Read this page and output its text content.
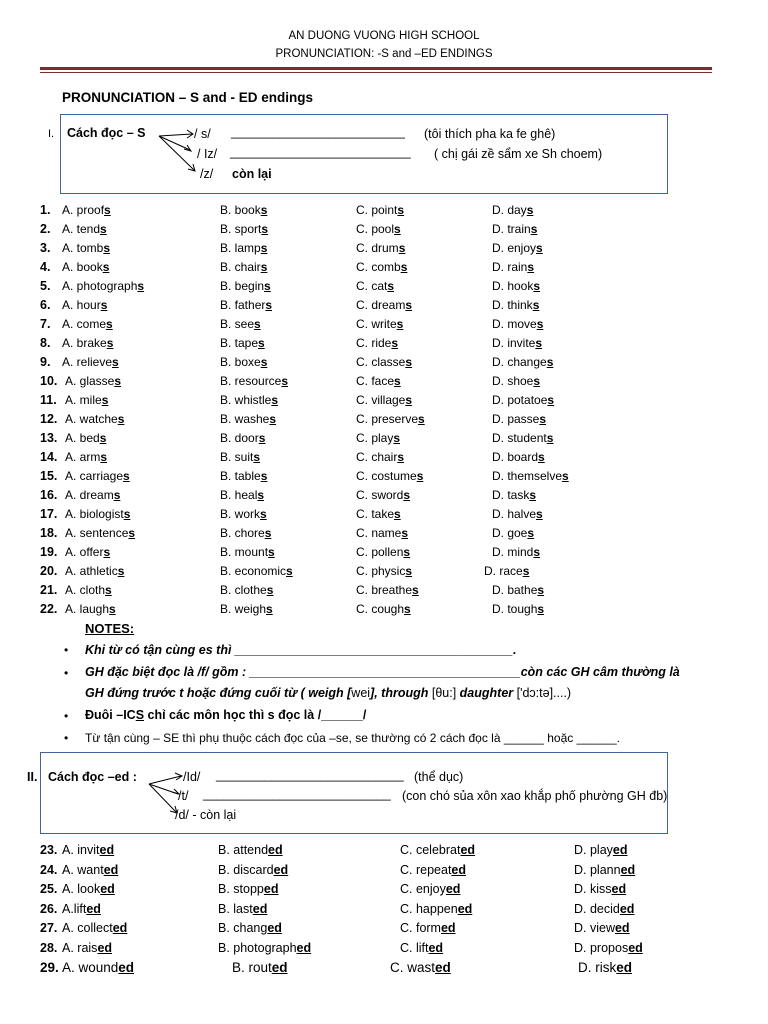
AN DUONG VUONG HIGH SCHOOL
PRONUNCIATION: -S and –ED ENDINGS
PRONUNCIATION – S and - ED endings
I. Cách đọc – S	/ s/ _________________________ (tôi thích pha ka fe ghê)
/ Iz/ __________________________ ( chị gái zề sẩm xe Sh choem)
/z/ còn lại
1. A. proofs	B. books	C. points	D. days
2. A. tends	B. sports	C. pools	D. trains
3. A. tombs	B. lamps	C. drums	D. enjoys
4. A. books	B. chairs	C. combs	D. rains
5. A. photographs	B. begins	C. cats	D. hooks
6. A. hours	B. fathers	C. dreams	D. thinks
7. A. comes	B. sees	C. writes	D. moves
8. A. brakes	B. tapes	C. rides	D. invites
9. A. relieves	B. boxes	C. classes	D. changes
10. A. glasses	B. resources	C. faces	D. shoes
11. A. miles	B. whistles	C. villages	D. potatoes
12. A. watches	B. washes	C. preserves	D. passes
13. A. beds	B. doors	C. plays	D. students
14. A. arms	B. suits	C. chairs	D. boards
15. A. carriages	B. tables	C. costumes	D. themselves
16. A. dreams	B. heals	C. swords	D. tasks
17. A. biologists	B. works	C. takes	D. halves
18. A. sentences	B. chores	C. names	D. goes
19. A. offers	B. mounts	C. pollens	D. minds
20. A. athletics	B. economics	C. physics	D. races
21. A. cloths	B. clothes	C. breathes	D. bathes
22. A. laughs	B. weighs	C. coughs	D. toughs
NOTES:
• Khi từ có tận cùng es thì ________________________________________.
• GH đặc biệt đọc là /f/ gồm : _______________________________________còn các GH câm thường là
GH đứng trước t hoặc đứng cuối từ ( weigh [wei], through [θu:] daughter ['dɔ:tə]....)
• Đuôi –ICS chỉ các môn học thì s đọc là /______/
• Từ tận cùng – SE thì phụ thuộc cách đọc của –se, se thường có 2 cách đọc là ______ hoặc ______.
II. Cách đọc –ed :	/Id/ ___________________________ (thể dục)
/t/ ___________________________ (con chó sủa xôn xao khắp phố phường GH đb)
/d/ - còn lại
23. A. invited	B. attended	C. celebrated	D. played
24. A. wanted	B. discarded	C. repeated	D. planned
25. A. looked	B. stopped	C. enjoyed	D. kissed
26. A.lifted	B. lasted	C. happened	D. decided
27. A. collected	B. changed	C. formed	D. viewed
28. A. raised	B. photographed	C. lifted	D. proposed
29. A. wounded	B. routed	C. wasted	D. risked
